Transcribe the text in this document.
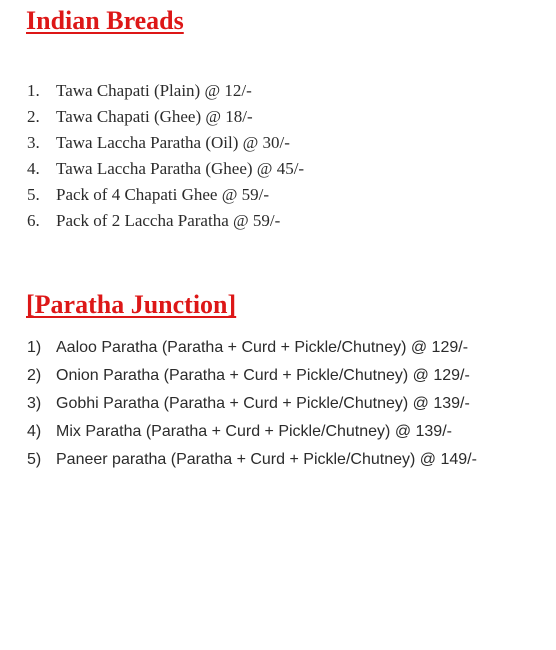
Indian Breads
1. Tawa Chapati (Plain) @ 12/-
2. Tawa Chapati (Ghee) @ 18/-
3. Tawa Laccha Paratha (Oil) @ 30/-
4. Tawa Laccha Paratha (Ghee) @ 45/-
5. Pack of 4 Chapati Ghee @ 59/-
6. Pack of 2 Laccha Paratha @ 59/-
[Paratha Junction]
1) Aaloo Paratha (Paratha + Curd + Pickle/Chutney) @ 129/-
2) Onion Paratha (Paratha + Curd + Pickle/Chutney) @ 129/-
3) Gobhi Paratha (Paratha + Curd + Pickle/Chutney) @ 139/-
4) Mix Paratha (Paratha + Curd + Pickle/Chutney) @ 139/-
5) Paneer paratha (Paratha + Curd + Pickle/Chutney) @ 149/-
